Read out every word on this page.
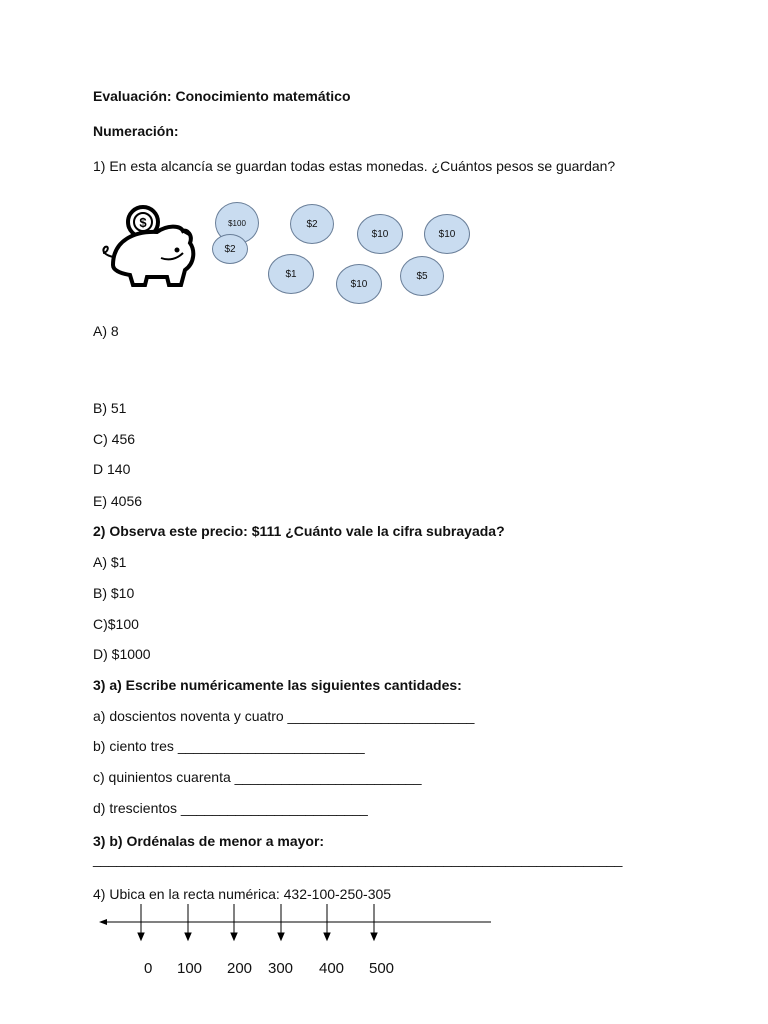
Evaluación: Conocimiento matemático
Numeración:
1) En esta alcancía se guardan todas estas monedas. ¿Cuántos pesos se guardan?
$	$100
$2
$2
$10	$10
$1
$10
$5
A) 8
B) 51
C) 456
D 140
E) 4056
2) Observa este precio: $111 ¿Cuánto vale la cifra subrayada?
A) $1
B) $10
C)$100
D) $1000
3) a) Escribe numéricamente las siguientes cantidades:
a) doscientos noventa y cuatro ________________________
b) ciento tres ________________________
c) quinientos cuarenta ________________________
d) trescientos ________________________
3) b) Ordénalas de menor a mayor:
____________________________________________________________________
4) Ubica en la recta numérica: 432-100-250-305
0 100 200 300 400 500
